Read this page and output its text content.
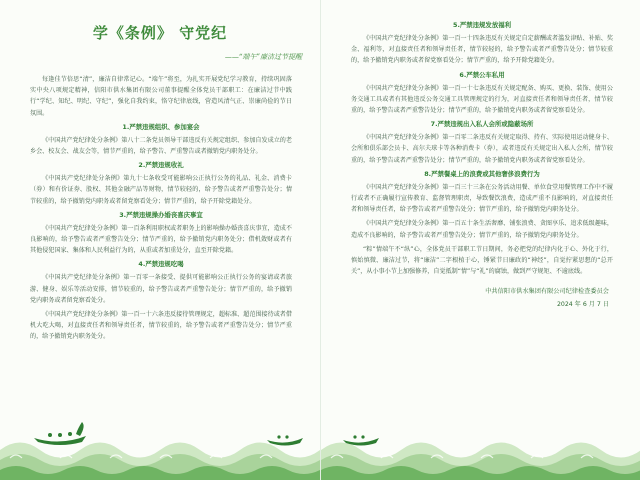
学《条例》 守党纪
——“端午”廉洁过节提醒

每逢佳节倍思“清”，廉洁自律常记心。“端午”将至，为扎实开展党纪学习教育，持续巩固落实中央八项规定精神，信阳市供水集团有限公司董事提醒全体党员干部职工：在廉洁过节中践行“学纪、知纪、明纪、守纪”，强化自我约束，恪守纪律底线，营造风清气正、崇廉尚俭的节日氛围。

1.严禁违规组织、参加宴会

《中国共产党纪律处分条例》第八十二条党员领导干部违反有关规定组织、参加自发成立的老乡会、校友会、战友会等，情节严重的，给予警告、严重警告或者撤销党内职务处分。

2.严禁违规收礼

《中国共产党纪律处分条例》第九十七条收受可能影响公正执行公务的礼品、礼金、消费卡（券）和有价证券、股权、其他金融产品等财物，情节较轻的，给予警告或者严重警告处分；情节较重的，给予撤销党内职务或者留党察看处分；情节严重的，给予开除党籍处分。

3.严禁违规操办婚丧喜庆事宜

《中国共产党纪律处分条例》第一百条利用职权或者职务上的影响操办婚丧喜庆事宜，造成不良影响的，给予警告或者严重警告处分；情节严重的，给予撤销党内职务处分；借机敛财或者有其他侵犯国家、集体和人民利益行为的，从重或者加重处分，直至开除党籍。

4.严禁违规吃喝

《中国共产党纪律处分条例》第一百零一条接受、提供可能影响公正执行公务的宴请或者旅游、健身、娱乐等活动安排，情节较重的，给予警告或者严重警告处分；情节严重的，给予撤销党内职务或者留党察看处分。

《中国共产党纪律处分条例》第一百一十六条违反接待管理规定，超标准、超范围接待或者借机大吃大喝，对直接责任者和领导责任者，情节较重的，给予警告或者严重警告处分；情节严重的，给予撤销党内职务处分。

5.严禁违规发放福利

《中国共产党纪律处分条例》第一百一十四条违反有关规定自定薪酬或者滥发津贴、补贴、奖金、福利等，对直接责任者和领导责任者，情节较轻的，给予警告或者严重警告处分；情节较重的，给予撤销党内职务或者留党察看处分；情节严重的，给予开除党籍处分。

6.严禁公车私用

《中国共产党纪律处分条例》第一百一十七条违反有关规定配备、购买、更换、装饰、使用公务交通工具或者有其他违反公务交通工具管理规定的行为，对直接责任者和领导责任者，情节较重的，给予警告或者严重警告处分；情节严重的，给予撤销党内职务或者留党察看处分。

7.严禁违规出入私人会所或隐蔽场所

《中国共产党纪律处分条例》第一百零二条违反有关规定取得、持有、实际使用运动健身卡、会所和俱乐部会员卡、高尔夫球卡等各种消费卡（券），或者违反有关规定出入私人会所，情节较重的，给予警告或者严重警告处分；情节严重的，给予撤销党内职务或者留党察看处分。

8.严禁餐桌上的浪费或其他奢侈浪费行为

《中国共产党纪律处分条例》第一百三十三条在公务活动用餐、单位食堂用餐管理工作中不履行或者不正确履行宣传教育、监督管理职责，导致餐饮浪费，造成严重不良影响的，对直接责任者和领导责任者，给予警告或者严重警告处分；情节严重的，给予撤销党内职务处分。

《中国共产党纪律处分条例》第一百五十条生活奢靡、铺张浪费、贪图享乐、追求低级趣味，造成不良影响的，给予警告或者严重警告处分；情节严重的，给予撤销党内职务处分。

“粽”情端午不“纵”心，全体党员干部职工节日期间，务必把党的纪律内化于心、外化于行，慎始慎微、廉洁过节，将“廉洁”二字根植于心，锤紧节日廉政的“神经”，自觉拧紧思想的“总开关”，从小事小节上加强修养，自觉抵制“情”与“礼”的腐蚀，做到严守规矩、不逾底线。

中共信阳市供水集团有限公司纪律检查委员会
2024 年 6 月 7 日
